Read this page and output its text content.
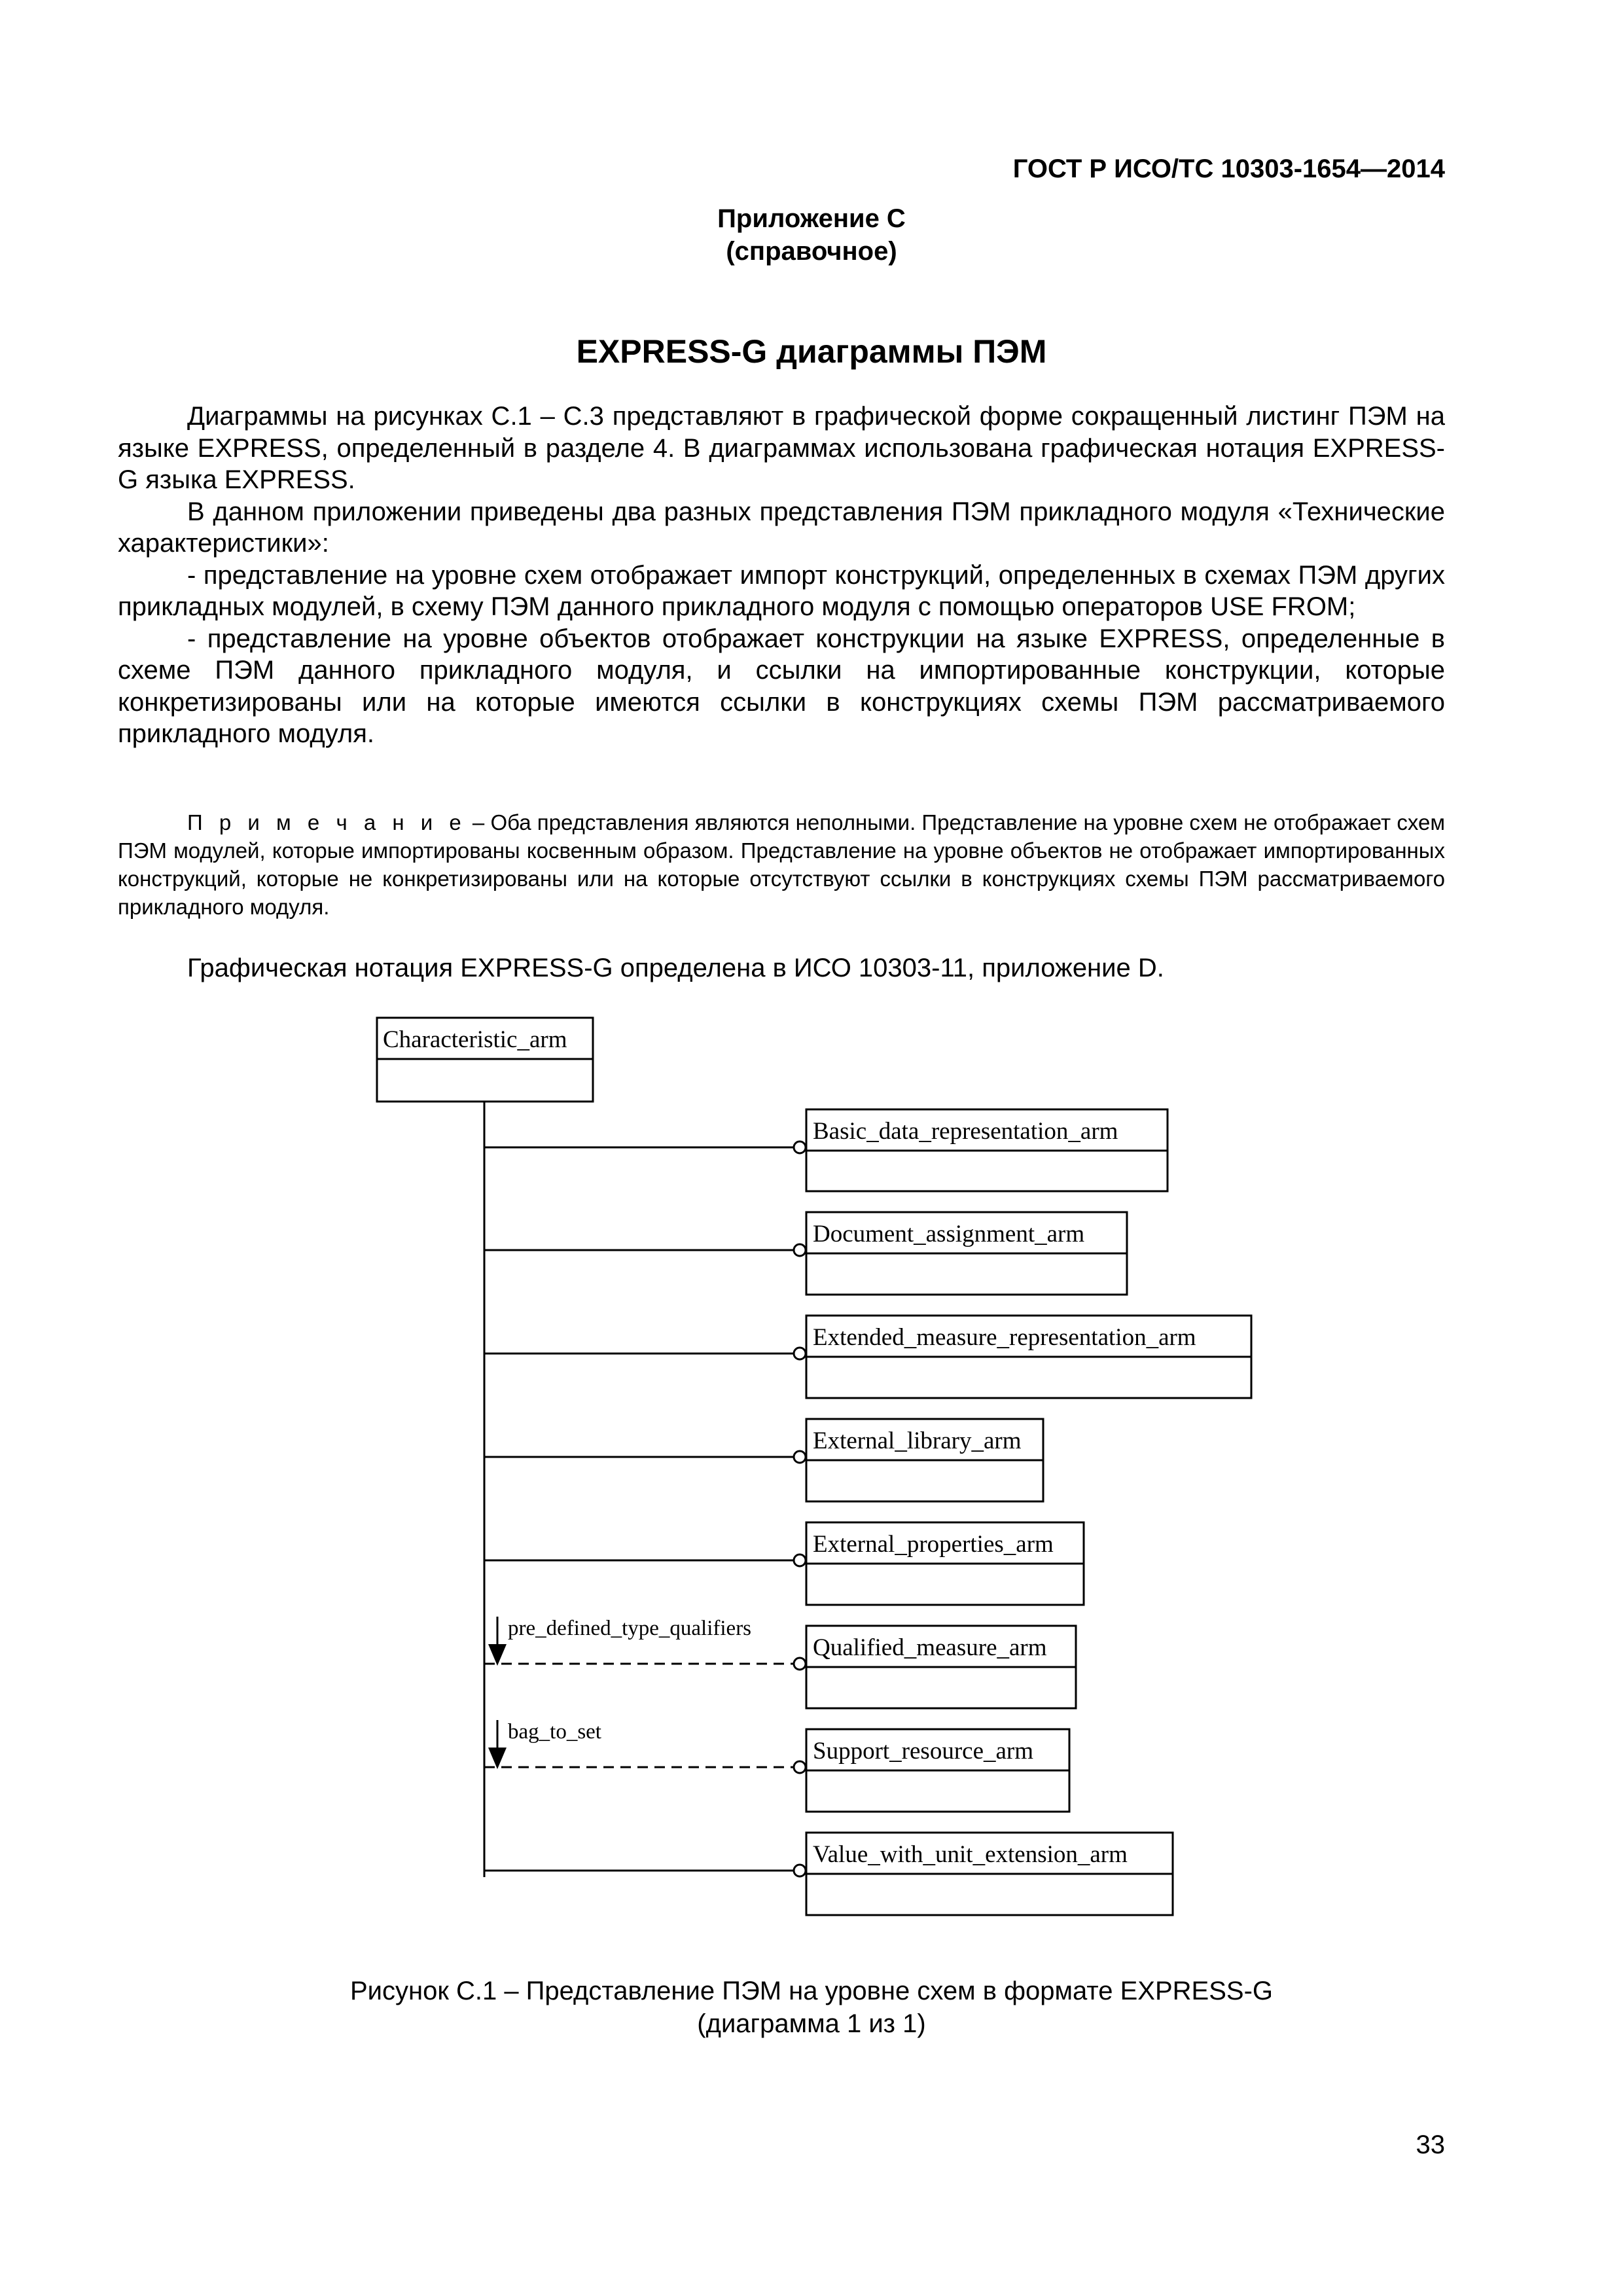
ГОСТ Р ИСО/ТС 10303-1654—2014
Приложение С
(справочное)
EXPRESS-G диаграммы ПЭМ

Диаграммы на рисунках С.1 – С.3 представляют в графической форме сокращенный листинг ПЭМ на языке EXPRESS, определенный в разделе 4. В диаграммах использована графическая нотация EXPRESS-G языка EXPRESS.

В данном приложении приведены два разных представления ПЭМ прикладного модуля «Технические характеристики»:

- представление на уровне схем отображает импорт конструкций, определенных в схемах ПЭМ других прикладных модулей, в схему ПЭМ данного прикладного модуля с помощью операторов USE FROM;

- представление на уровне объектов отображает конструкции на языке EXPRESS, определенные в схеме ПЭМ данного прикладного модуля, и ссылки на импортированные конструкции, которые конкретизированы или на которые имеются ссылки в конструкциях схемы ПЭМ рассматриваемого прикладного модуля.

П р и м е ч а н и е – Оба представления являются неполными. Представление на уровне схем не отображает схем ПЭМ модулей, которые импортированы косвенным образом. Представление на уровне объектов не отображает импортированных конструкций, которые не конкретизированы или на которые отсутствуют ссылки в конструкциях схемы ПЭМ рассматриваемого прикладного модуля.

Графическая нотация EXPRESS-G определена в ИСО 10303-11, приложение D.
Characteristic_arm
Basic_data_representation_arm
Document_assignment_arm
Extended_measure_representation_arm
External_library_arm
External_properties_arm
Qualified_measure_arm
Support_resource_arm
Value_with_unit_extension_arm
pre_defined_type_qualifiers
bag_to_set
Рисунок С.1 – Представление ПЭМ на уровне схем в формате EXPRESS-G
(диаграмма 1 из 1)
33
